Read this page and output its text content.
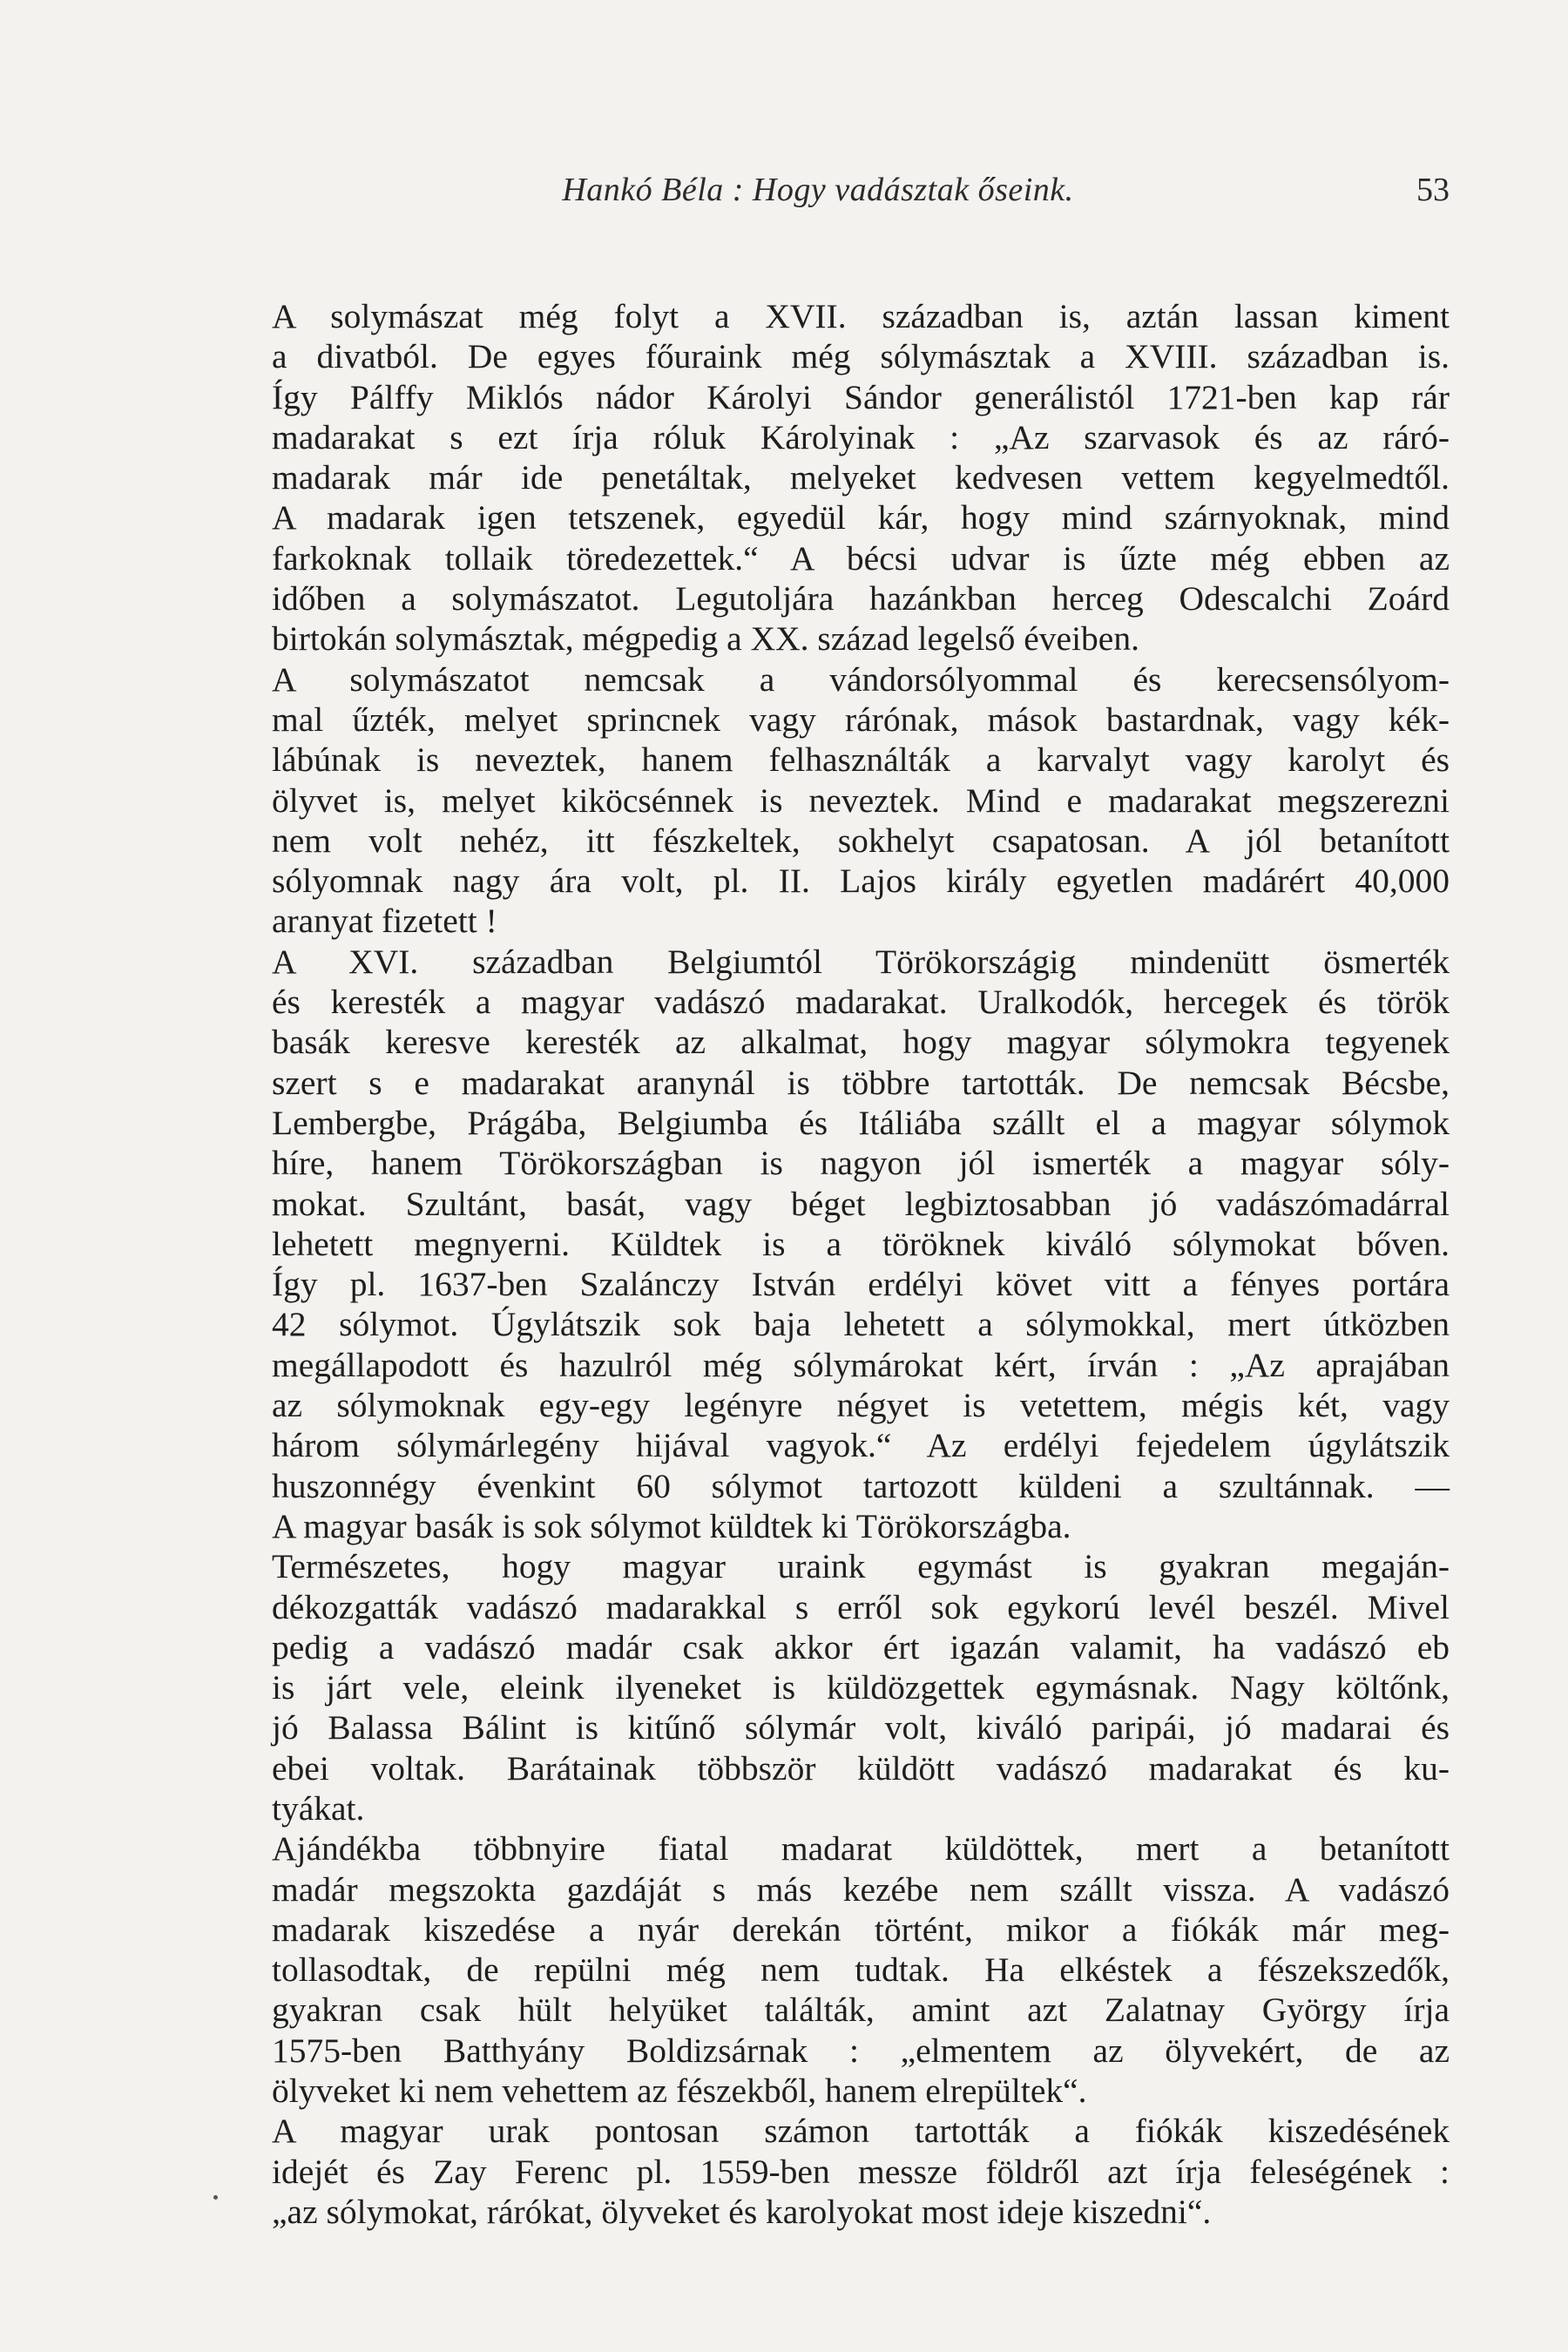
Hankó Béla : Hogy vadásztak őseink.	53

A solymászat még folyt a XVII. században is, aztán lassan kiment
a divatból. De egyes főuraink még sólymásztak a XVIII. században is.
Így Pálffy Miklós nádor Károlyi Sándor generálistól 1721-ben kap rár
madarakat s ezt írja róluk Károlyinak : „Az szarvasok és az ráró-
madarak már ide penetáltak, melyeket kedvesen vettem kegyelmedtől.
A madarak igen tetszenek, egyedül kár, hogy mind szárnyoknak, mind
farkoknak tollaik töredezettek.“ A bécsi udvar is űzte még ebben az
időben a solymászatot. Legutoljára hazánkban herceg Odescalchi Zoárd
birtokán solymásztak, mégpedig a XX. század legelső éveiben.

A solymászatot nemcsak a vándorsólyommal és kerecsensólyom-
mal űzték, melyet sprincnek vagy rárónak, mások bastardnak, vagy kék-
lábúnak is neveztek, hanem felhasználták a karvalyt vagy karolyt és
ölyvet is, melyet kiköcsénnek is neveztek. Mind e madarakat megszerezni
nem volt nehéz, itt fészkeltek, sokhelyt csapatosan. A jól betanított
sólyomnak nagy ára volt, pl. II. Lajos király egyetlen madárért 40,000
aranyat fizetett !

A XVI. században Belgiumtól Törökországig mindenütt ösmerték
és keresték a magyar vadászó madarakat. Uralkodók, hercegek és török
basák keresve keresték az alkalmat, hogy magyar sólymokra tegyenek
szert s e madarakat aranynál is többre tartották. De nemcsak Bécsbe,
Lembergbe, Prágába, Belgiumba és Itáliába szállt el a magyar sólymok
híre, hanem Törökországban is nagyon jól ismerték a magyar sóly-
mokat. Szultánt, basát, vagy béget legbiztosabban jó vadászómadárral
lehetett megnyerni. Küldtek is a töröknek kiváló sólymokat bőven.
Így pl. 1637-ben Szalánczy István erdélyi követ vitt a fényes portára
42 sólymot. Úgylátszik sok baja lehetett a sólymokkal, mert útközben
megállapodott és hazulról még sólymárokat kért, írván : „Az aprajában
az sólymoknak egy-egy legényre négyet is vetettem, mégis két, vagy
három sólymárlegény hijával vagyok.“ Az erdélyi fejedelem úgylátszik
huszonnégy évenkint 60 sólymot tartozott küldeni a szultánnak. —
A magyar basák is sok sólymot küldtek ki Törökországba.

Természetes, hogy magyar uraink egymást is gyakran megaján-
dékozgatták vadászó madarakkal s erről sok egykorú levél beszél. Mivel
pedig a vadászó madár csak akkor ért igazán valamit, ha vadászó eb
is járt vele, eleink ilyeneket is küldözgettek egymásnak. Nagy költőnk,
jó Balassa Bálint is kitűnő sólymár volt, kiváló paripái, jó madarai és
ebei voltak. Barátainak többször küldött vadászó madarakat és ku-
tyákat.

Ajándékba többnyire fiatal madarat küldöttek, mert a betanított
madár megszokta gazdáját s más kezébe nem szállt vissza. A vadászó
madarak kiszedése a nyár derekán történt, mikor a fiókák már meg-
tollasodtak, de repülni még nem tudtak. Ha elkéstek a fészekszedők,
gyakran csak hült helyüket találták, amint azt Zalatnay György írja
1575-ben Batthyány Boldizsárnak : „elmentem az ölyvekért, de az
ölyveket ki nem vehettem az fészekből, hanem elrepültek“.

A magyar urak pontosan számon tartották a fiókák kiszedésének
idejét és Zay Ferenc pl. 1559-ben messze földről azt írja feleségének :
„az sólymokat, rárókat, ölyveket és karolyokat most ideje kiszedni“.
